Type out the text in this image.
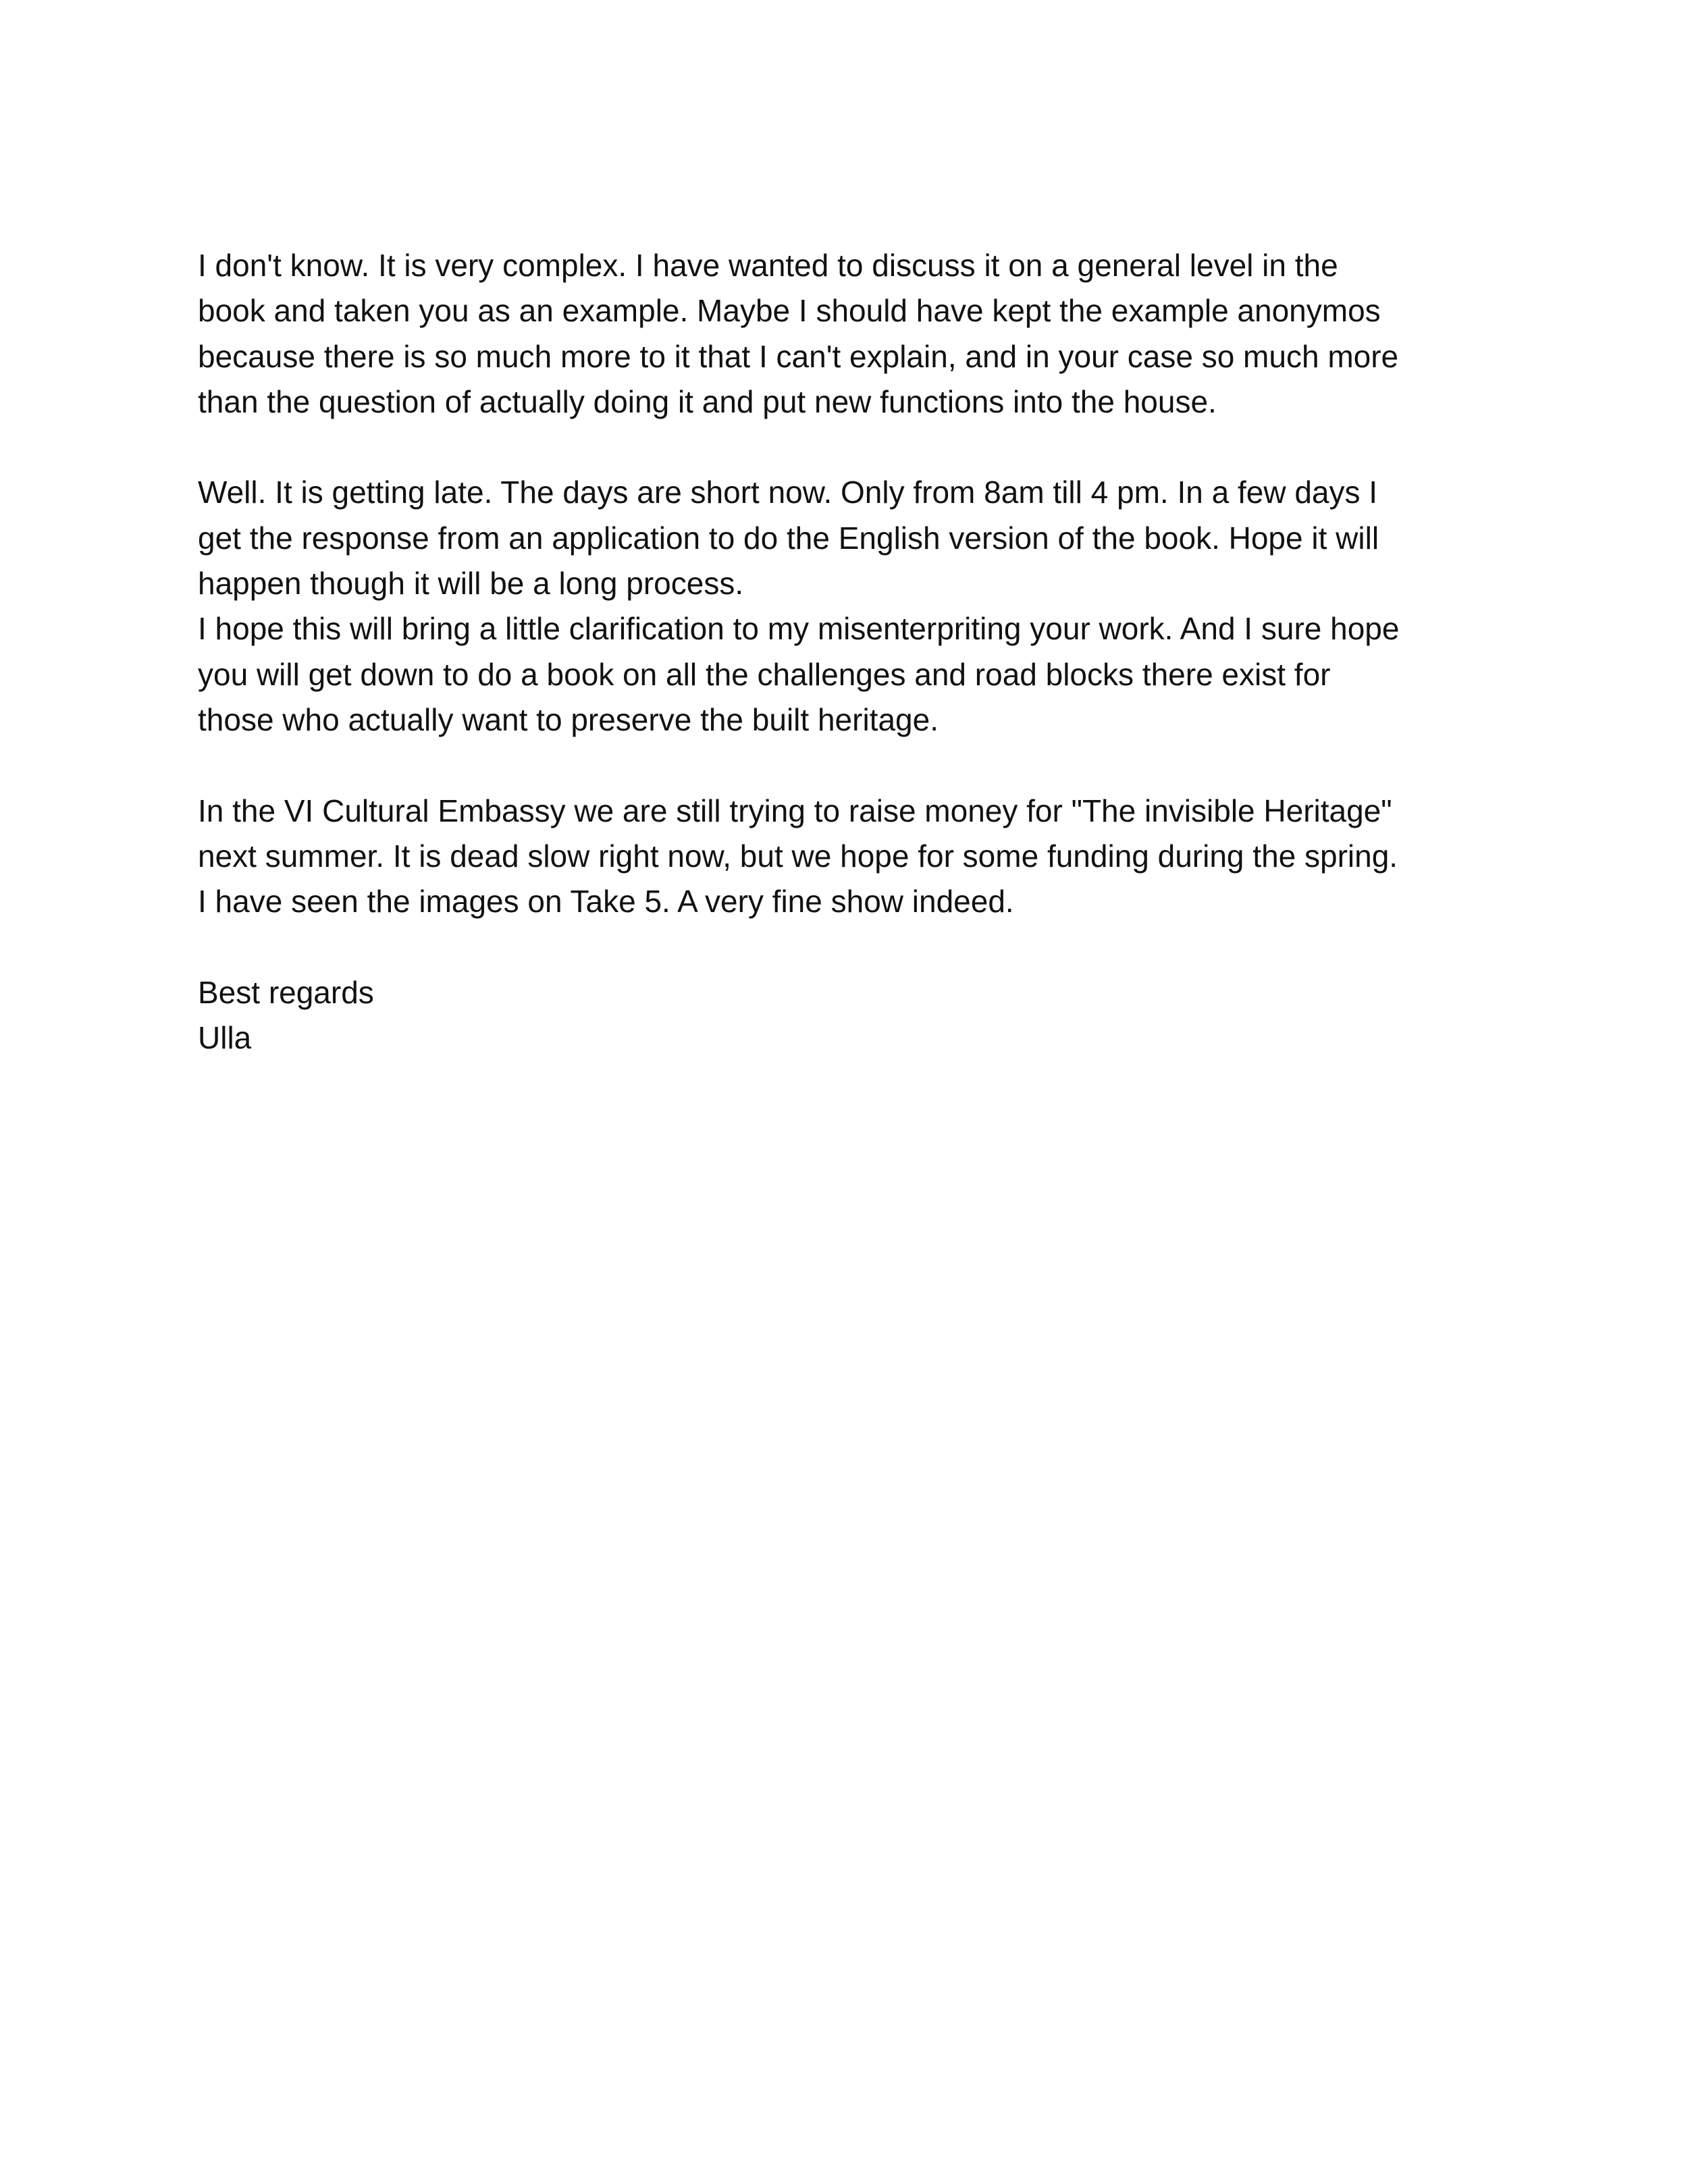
I don't know. It is very complex. I have wanted to discuss it on a general level in the
book and taken you as an example. Maybe I should have kept the example anonymos
because there is so much more to it that I can't explain, and in your case so much more
than the question of actually doing it and put new functions into the house.
Well. It is getting late. The days are short now. Only from 8am till 4 pm. In a few days I
get the response from an application to do the English version of the book. Hope it will
happen though it will be a long process.
I hope this will bring a little clarification to my misenterpriting your work. And I sure hope
you will get down to do a book on all the challenges and road blocks there exist for
those who actually want to preserve the built heritage.
In the VI Cultural Embassy we are still trying to raise money for "The invisible Heritage"
next summer. It is dead slow right now, but we hope for some funding during the spring.
I have seen the images on Take 5. A very fine show indeed.
Best regards
Ulla
